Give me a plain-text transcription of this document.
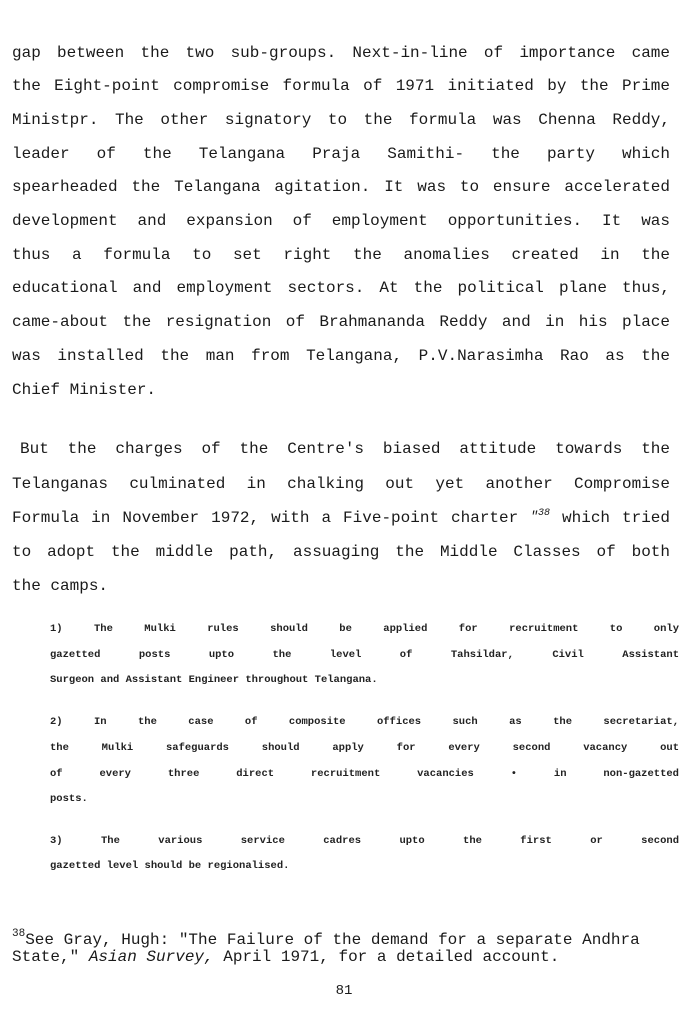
gap between the two sub-groups. Next-in-line of importance came
the Eight-point compromise formula of 1971 initiated by the Prime
Ministpr. The other signatory to the formula was Chenna Reddy,
leader of the Telangana Praja Samithi- the party which
spearheaded the Telangana agitation. It was to ensure accelerated
development and expansion of employment opportunities. It was
thus a formula to set right the anomalies created in the
educational and employment sectors. At the political plane thus,
came-about the resignation of Brahmananda Reddy and in his place
was installed the man from Telangana, P.V.Narasimha Rao as the
Chief Minister.
But the charges of the Centre's biased attitude towards the
Telanganas culminated in chalking out yet another Compromise
Formula in November 1972, with a Five-point charter "$^{38}$ which tried
to adopt the middle path, assuaging the Middle Classes of both
the camps.
1) The Mulki rules should be applied for recruitment to only
gazetted posts upto the level of Tahsildar, Civil Assistant
Surgeon and Assistant Engineer throughout Telangana.
2) In the case of composite offices such as the secretariat,
the Mulki safeguards should apply for every second vacancy out
of every three direct recruitment vacancies • in non-gazetted
posts.
3) The various service cadres upto the first or second
gazetted level should be regionalised.
$^{38}$See Gray, Hugh: "The Failure of the demand for a separate Andhra
State," Asian Survey, April 1971, for a detailed account.
81
